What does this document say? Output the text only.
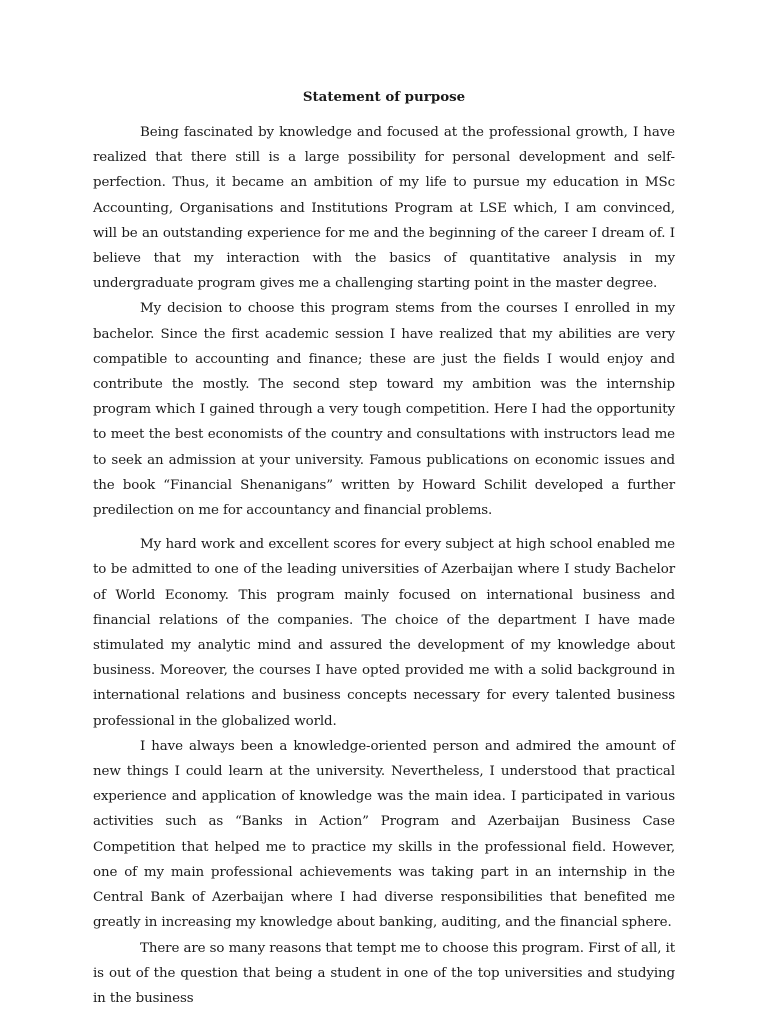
Statement of purpose

Being fascinated by knowledge and focused at the professional growth, I have realized that there still is a large possibility for personal development and self-perfection. Thus, it became an ambition of my life to pursue my education in MSc Accounting, Organisations and Institutions Program at LSE which, I am convinced, will be an outstanding experience for me and the beginning of the career I dream of. I believe that my interaction with the basics of quantitative analysis in my undergraduate program gives me a challenging starting point in the master degree.

My decision to choose this program stems from the courses I enrolled in my bachelor. Since the first academic session I have realized that my abilities are very compatible to accounting and finance; these are just the fields I would enjoy and contribute the mostly. The second step toward my ambition was the internship program which I gained through a very tough competition. Here I had the opportunity to meet the best economists of the country and consultations with instructors lead me to seek an admission at your university. Famous publications on economic issues and the book “Financial Shenanigans” written by Howard Schilit developed a further predilection on me for accountancy and financial problems.

My hard work and excellent scores for every subject at high school enabled me to be admitted to one of the leading universities of Azerbaijan where I study Bachelor of World Economy. This program mainly focused on international business and financial relations of the companies. The choice of the department I have made stimulated my analytic mind and assured the development of my knowledge about business. Moreover, the courses I have opted provided me with a solid background in international relations and business concepts necessary for every talented business professional in the globalized world.

I have always been a knowledge-oriented person and admired the amount of new things I could learn at the university. Nevertheless, I understood that practical experience and application of knowledge was the main idea. I participated in various activities such as “Banks in Action” Program and Azerbaijan Business Case Competition that helped me to practice my skills in the professional field. However, one of my main professional achievements was taking part in an internship in the Central Bank of Azerbaijan where I had diverse responsibilities that benefited me greatly in increasing my knowledge about banking, auditing, and the financial sphere.

There are so many reasons that tempt me to choose this program. First of all, it is out of the question that being a student in one of the top universities and studying in the business
